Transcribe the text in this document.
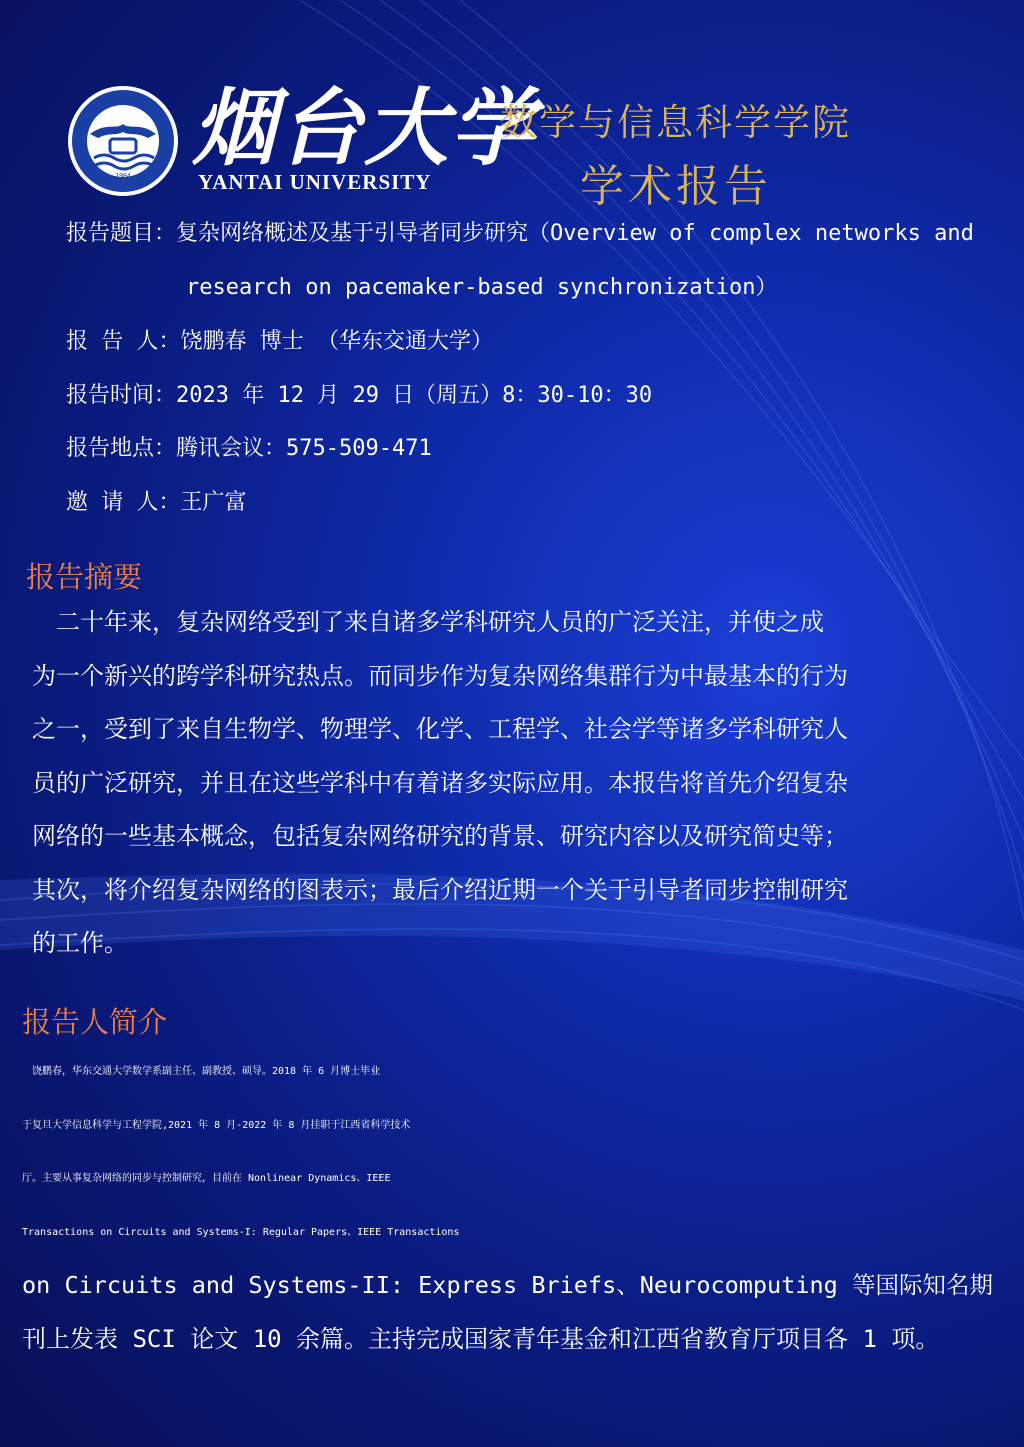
1984 烟台大学
YANTAI UNIVERSITY
数学与信息科学学院
学术报告
报告题目：复杂网络概述及基于引导者同步研究（Overview of complex networks and
research on pacemaker-based synchronization）
报 告 人：饶鹏春 博士 （华东交通大学）
报告时间：2023 年 12 月 29 日（周五）8：30-10：30
报告地点：腾讯会议：575-509-471
邀 请 人：王广富
报告摘要
　二十年来，复杂网络受到了来自诸多学科研究人员的广泛关注，并使之成
为一个新兴的跨学科研究热点。而同步作为复杂网络集群行为中最基本的行为
之一，受到了来自生物学、物理学、化学、工程学、社会学等诸多学科研究人
员的广泛研究，并且在这些学科中有着诸多实际应用。本报告将首先介绍复杂
网络的一些基本概念，包括复杂网络研究的背景、研究内容以及研究简史等；
其次，将介绍复杂网络的图表示；最后介绍近期一个关于引导者同步控制研究
的工作。
报告人简介
　饶鹏春，华东交通大学数学系副主任、副教授、硕导。2018 年 6 月博士毕业
于复旦大学信息科学与工程学院,2021 年 8 月-2022 年 8 月挂职于江西省科学技术
厅。主要从事复杂网络的同步与控制研究，目前在 Nonlinear Dynamics、IEEE
Transactions on Circuits and Systems-I: Regular Papers、IEEE Transactions
on Circuits and Systems-II: Express Briefs、Neurocomputing 等国际知名期
刊上发表 SCI 论文 10 余篇。主持完成国家青年基金和江西省教育厅项目各 1 项。
